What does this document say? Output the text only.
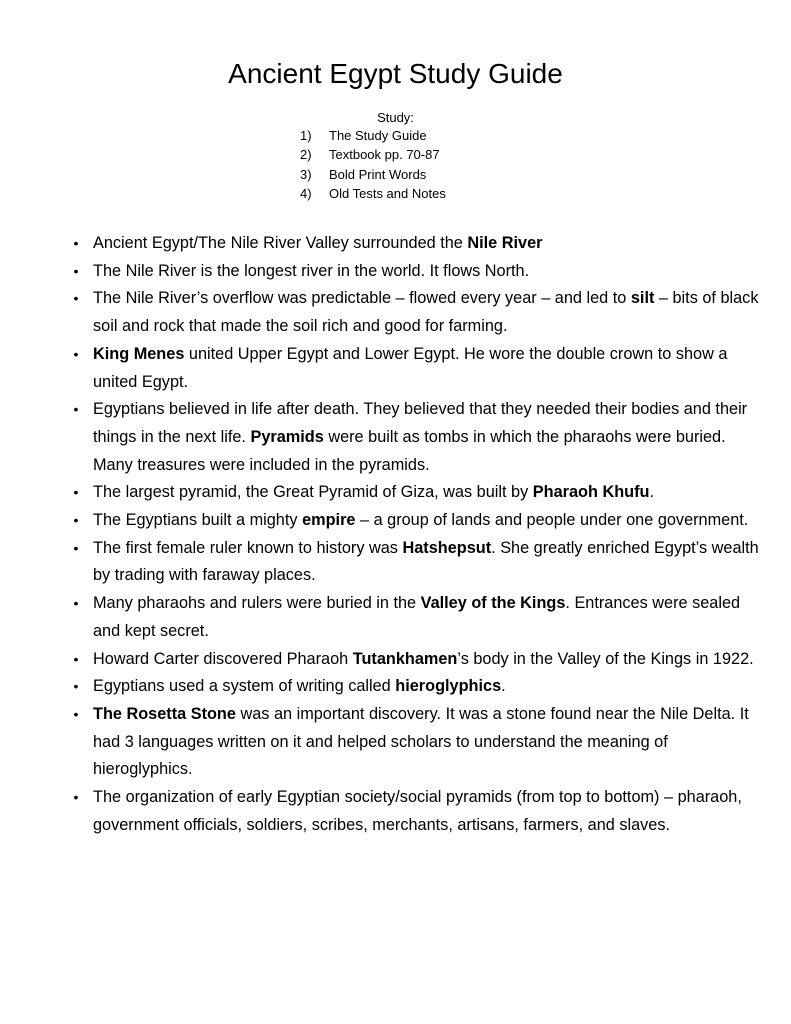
Ancient Egypt Study Guide
Study:
1) The Study Guide
2) Textbook pp. 70-87
3) Bold Print Words
4) Old Tests and Notes
• Ancient Egypt/The Nile River Valley surrounded the Nile River
• The Nile River is the longest river in the world. It flows North.
• The Nile River’s overflow was predictable – flowed every year – and led to silt – bits of black soil and rock that made the soil rich and good for farming.
• King Menes united Upper Egypt and Lower Egypt. He wore the double crown to show a united Egypt.
• Egyptians believed in life after death. They believed that they needed their bodies and their things in the next life. Pyramids were built as tombs in which the pharaohs were buried. Many treasures were included in the pyramids.
• The largest pyramid, the Great Pyramid of Giza, was built by Pharaoh Khufu.
• The Egyptians built a mighty empire – a group of lands and people under one government.
• The first female ruler known to history was Hatshepsut. She greatly enriched Egypt’s wealth by trading with faraway places.
• Many pharaohs and rulers were buried in the Valley of the Kings. Entrances were sealed and kept secret.
• Howard Carter discovered Pharaoh Tutankhamen’s body in the Valley of the Kings in 1922.
• Egyptians used a system of writing called hieroglyphics.
• The Rosetta Stone was an important discovery. It was a stone found near the Nile Delta. It had 3 languages written on it and helped scholars to understand the meaning of hieroglyphics.
• The organization of early Egyptian society/social pyramids (from top to bottom) – pharaoh, government officials, soldiers, scribes, merchants, artisans, farmers, and slaves.
